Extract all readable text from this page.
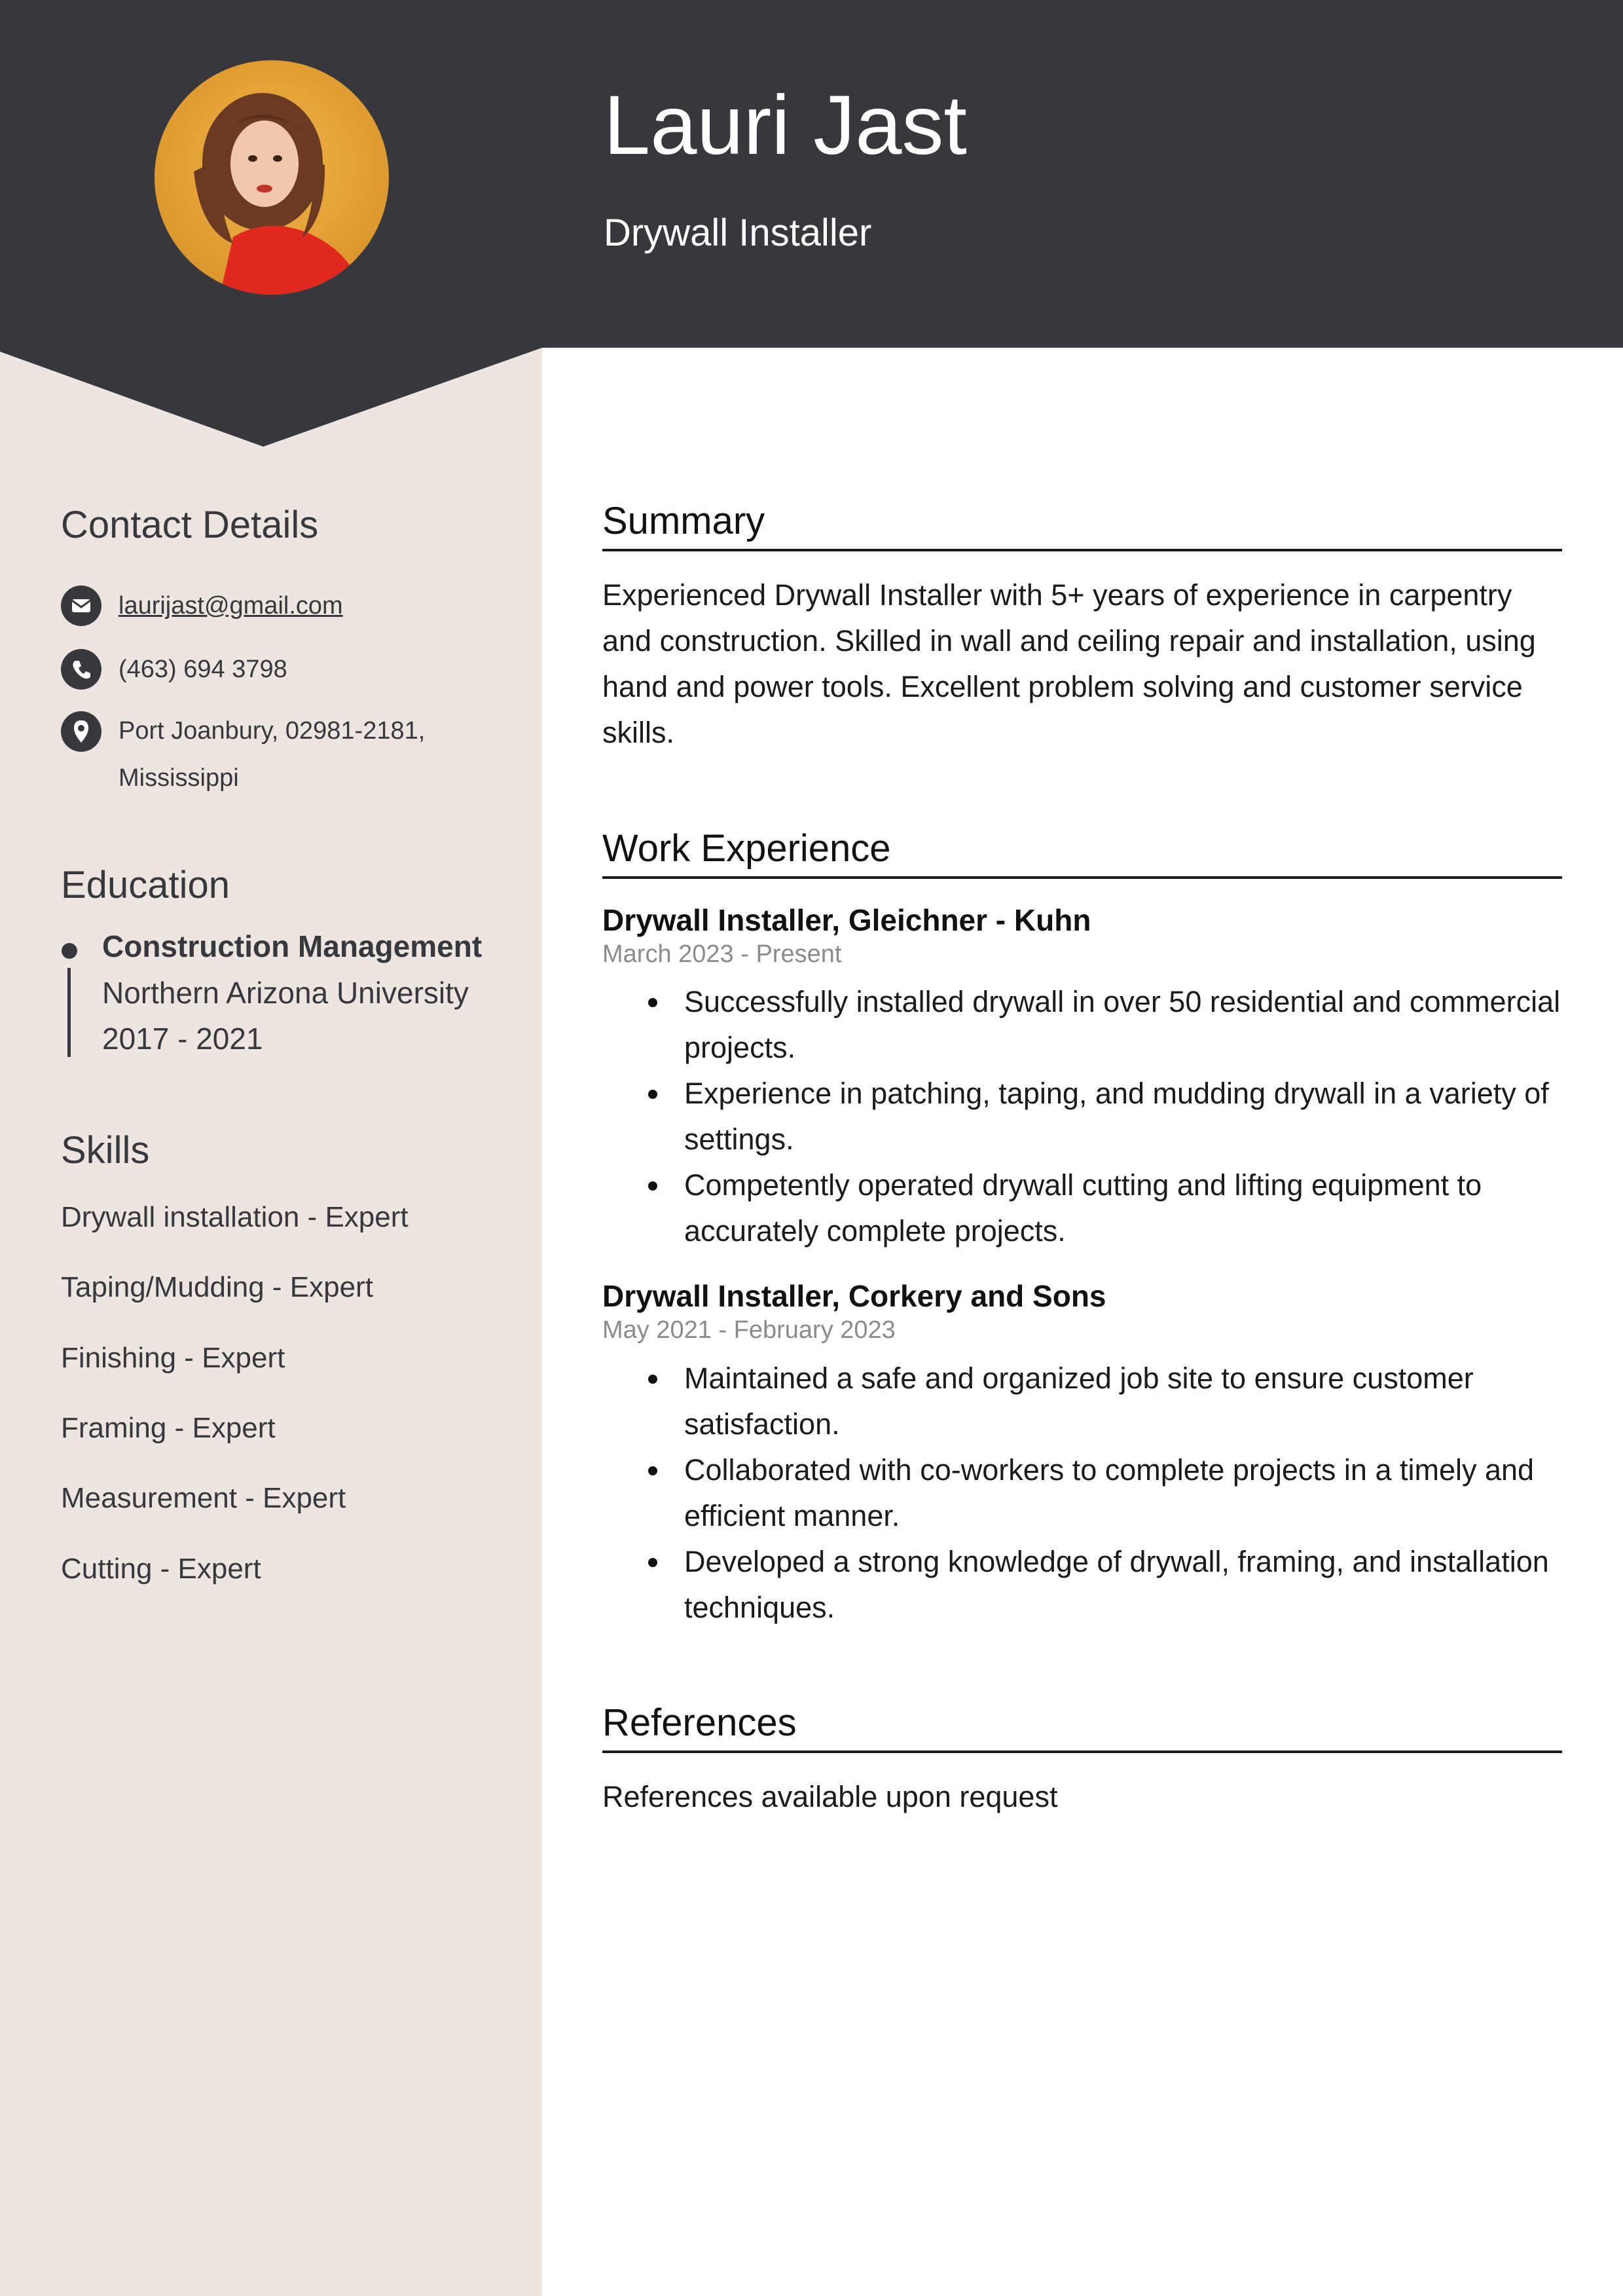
Lauri Jast
Drywall Installer
Contact Details
laurijast@gmail.com
(463) 694 3798
Port Joanbury, 02981-2181,
Mississippi
Education
Construction Management
Northern Arizona University
2017 - 2021
Skills
Drywall installation - Expert
Taping/Mudding - Expert
Finishing - Expert
Framing - Expert
Measurement - Expert
Cutting - Expert
Summary
Experienced Drywall Installer with 5+ years of experience in carpentry and construction. Skilled in wall and ceiling repair and installation, using hand and power tools. Excellent problem solving and customer service skills.
Work Experience
Drywall Installer, Gleichner - Kuhn
March 2023 - Present
Successfully installed drywall in over 50 residential and commercial projects.
Experience in patching, taping, and mudding drywall in a variety of settings.
Competently operated drywall cutting and lifting equipment to accurately complete projects.
Drywall Installer, Corkery and Sons
May 2021 - February 2023
Maintained a safe and organized job site to ensure customer satisfaction.
Collaborated with co-workers to complete projects in a timely and efficient manner.
Developed a strong knowledge of drywall, framing, and installation techniques.
References
References available upon request
